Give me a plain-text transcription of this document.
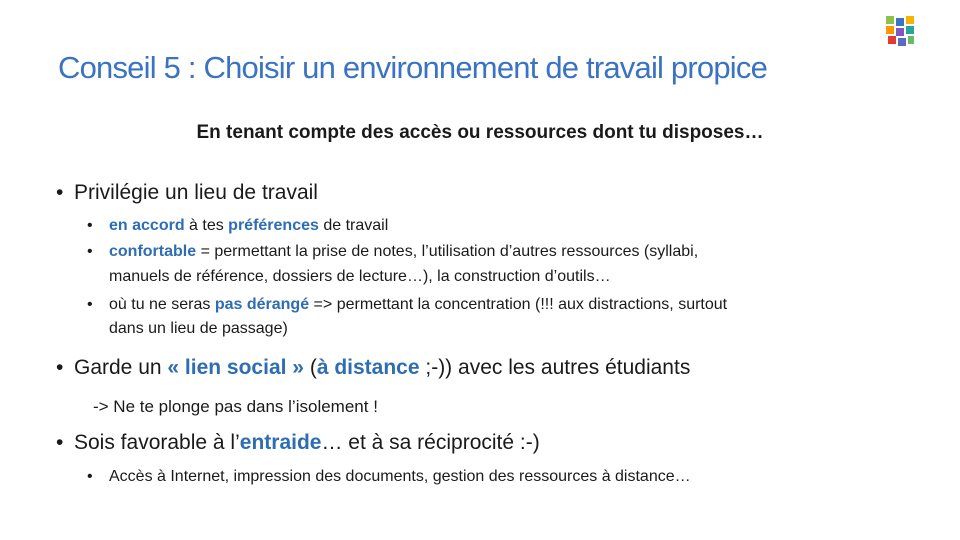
Conseil 5 : Choisir un environnement de travail propice

En tenant compte des accès ou ressources dont tu disposes…

• Privilégie un lieu de travail
• en accord à tes préférences de travail
• confortable = permettant la prise de notes, l’utilisation d’autres ressources (syllabi,
manuels de référence, dossiers de lecture…), la construction d’outils…
• où tu ne seras pas dérangé => permettant la concentration (!!! aux distractions, surtout
dans un lieu de passage)
• Garde un « lien social » (à distance ;-)) avec les autres étudiants
-> Ne te plonge pas dans l’isolement !
• Sois favorable à l’entraide… et à sa réciprocité :-)
• Accès à Internet, impression des documents, gestion des ressources à distance…
